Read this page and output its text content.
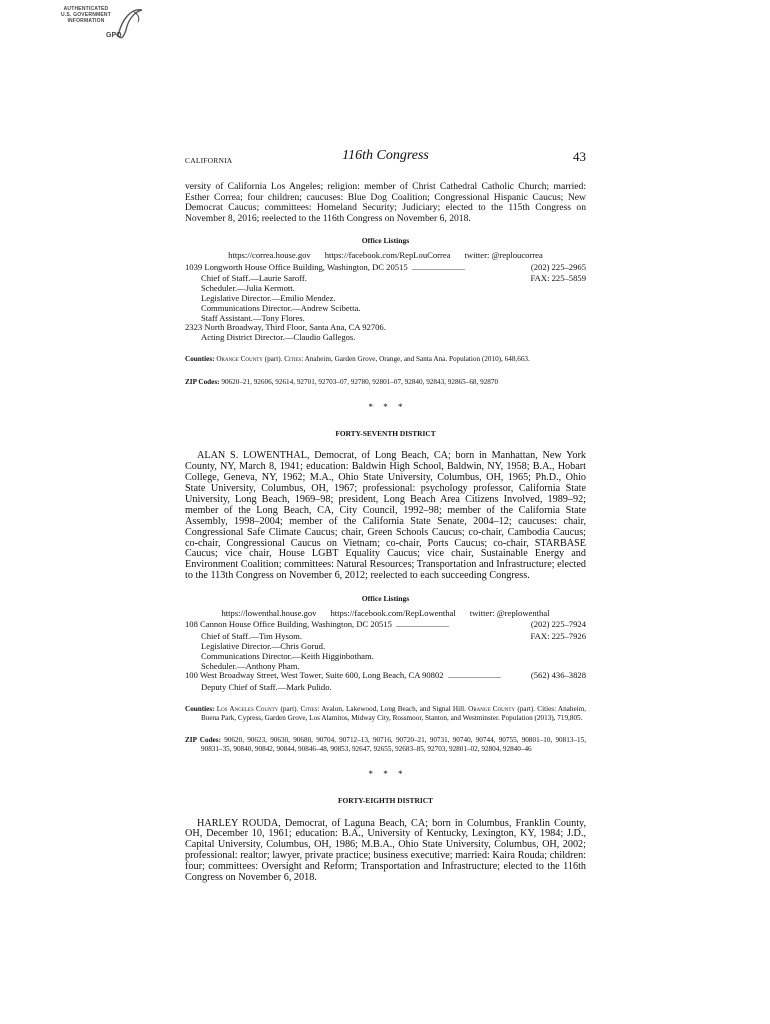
AUTHENTICATED
U.S. GOVERNMENT
INFORMATION
GPO
CALIFORNIA	116th Congress	43

versity of California Los Angeles; religion: member of Christ Cathedral Catholic Church; married: Esther Correa; four children; caucuses: Blue Dog Coalition; Congressional Hispanic Caucus; New Democrat Caucus; committees: Homeland Security; Judiciary; elected to the 115th Congress on November 8, 2016; reelected to the 116th Congress on November 6, 2018.

Office Listings
https://correa.house.gov https://facebook.com/RepLouCorrea twitter: @reploucorrea
1039 Longworth House Office Building, Washington, DC 20515 . . .	(202) 225–2965
Chief of Staff.—Laurie Saroff.	FAX: 225–5859
Scheduler.—Julia Kermott.
Legislative Director.—Emilio Mendez.
Communications Director.—Andrew Scibetta.
Staff Assistant.—Tony Flores.
2323 North Broadway, Third Floor, Santa Ana, CA 92706.
Acting District Director.—Claudio Gallegos.

Counties: Orange County (part). Cities: Anaheim, Garden Grove, Orange, and Santa Ana. Population (2010), 648,663.

ZIP Codes: 90620–21, 92606, 92614, 92701, 92703–07, 92780, 92801–07, 92840, 92843, 92865–68, 92870

* * *
FORTY-SEVENTH DISTRICT

ALAN S. LOWENTHAL, Democrat, of Long Beach, CA; born in Manhattan, New York County, NY, March 8, 1941; education: Baldwin High School, Baldwin, NY, 1958; B.A., Hobart College, Geneva, NY, 1962; M.A., Ohio State University, Columbus, OH, 1965; Ph.D., Ohio State University, Columbus, OH, 1967; professional: psychology professor, California State University, Long Beach, 1969–98; president, Long Beach Area Citizens Involved, 1989–92; member of the Long Beach, CA, City Council, 1992–98; member of the California State Assembly, 1998–2004; member of the California State Senate, 2004–12; caucuses: chair, Congressional Safe Climate Caucus; chair, Green Schools Caucus; co-chair, Cambodia Caucus; co-chair, Congressional Caucus on Vietnam; co-chair, Ports Caucus; co-chair, STARBASE Caucus; vice chair, House LGBT Equality Caucus; vice chair, Sustainable Energy and Environment Coalition; committees: Natural Resources; Transportation and Infrastructure; elected to the 113th Congress on November 6, 2012; reelected to each succeeding Congress.

Office Listings
https://lowenthal.house.gov https://facebook.com/RepLowenthal twitter: @replowenthal
108 Cannon House Office Building, Washington, DC 20515 . . .	(202) 225–7924
Chief of Staff.—Tim Hysom.	FAX: 225–7926
Legislative Director.—Chris Gorud.
Communications Director.—Keith Higginbotham.
Scheduler.—Anthony Pham.
100 West Broadway Street, West Tower, Suite 600, Long Beach, CA 90802 . . .	(562) 436–3828
Deputy Chief of Staff.—Mark Pulido.

Counties: Los Angeles County (part). Cities: Avalon, Lakewood, Long Beach, and Signal Hill. Orange County (part). Cities: Anaheim, Buena Park, Cypress, Garden Grove, Los Alamitos, Midway City, Rossmoor, Stanton, and Westminster. Population (2013), 719,805.

ZIP Codes: 90620, 90623, 90630, 90680, 90704, 90712–13, 90716, 90720–21, 90731, 90740, 90744, 90755, 90801–10, 90813–15, 90831–35, 90840, 90842, 90844, 90846–48, 90853, 92647, 92655, 92683–85, 92703, 92801–02, 92804, 92840–46

* * *
FORTY-EIGHTH DISTRICT

HARLEY ROUDA, Democrat, of Laguna Beach, CA; born in Columbus, Franklin County, OH, December 10, 1961; education: B.A., University of Kentucky, Lexington, KY, 1984; J.D., Capital University, Columbus, OH, 1986; M.B.A., Ohio State University, Columbus, OH, 2002; professional: realtor; lawyer, private practice; business executive; married: Kaira Rouda; children: four; committees: Oversight and Reform; Transportation and Infrastructure; elected to the 116th Congress on November 6, 2018.
